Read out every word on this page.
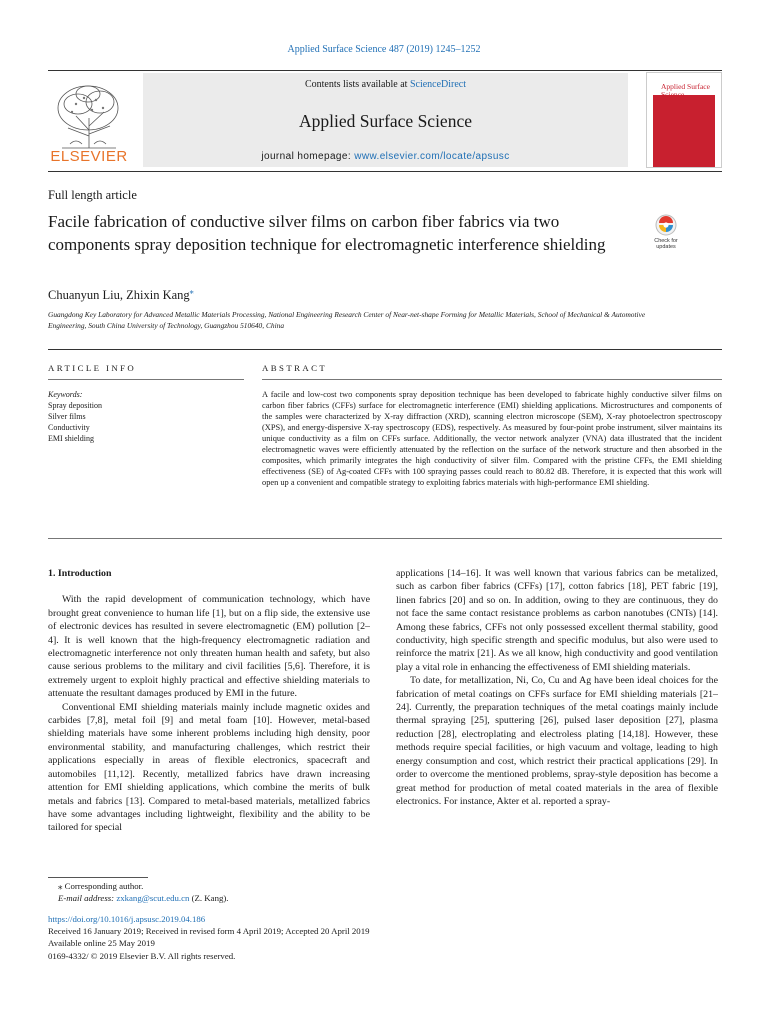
Applied Surface Science 487 (2019) 1245–1252
ELSEVIER
Contents lists available at ScienceDirect
Applied Surface Science
journal homepage: www.elsevier.com/locate/apsusc
Applied Surface Science
Full length article
Facile fabrication of conductive silver films on carbon fiber fabrics via two components spray deposition technique for electromagnetic interference shielding	Check for updates
Chuanyun Liu, Zhixin Kang⁎
Guangdong Key Laboratory for Advanced Metallic Materials Processing, National Engineering Research Center of Near-net-shape Forming for Metallic Materials, School of Mechanical & Automotive Engineering, South China University of Technology, Guangzhou 510640, China
ARTICLE INFO	ABSTRACT
Keywords:
Spray deposition
Silver films
Conductivity
EMI shielding
A facile and low-cost two components spray deposition technique has been developed to fabricate highly conductive silver films on carbon fiber fabrics (CFFs) surface for electromagnetic interference (EMI) shielding applications. Microstructures and components of the samples were characterized by X-ray diffraction (XRD), scanning electron microscope (SEM), X-ray photoelectron spectroscopy (XPS), and energy-dispersive X-ray spectroscopy (EDS), respectively. As measured by four-point probe instrument, silver maintains its unique conductivity as a film on CFFs surface. Additionally, the vector network analyzer (VNA) data illustrated that the incident electromagnetic waves were efficiently attenuated by the reflection on the surface of the network structure and then absorbed in the composites, which primarily integrates the high conductivity of silver film. Compared with the pristine CFFs, the EMI shielding effectiveness (SE) of Ag-coated CFFs with 100 spraying passes could reach to 80.82 dB. Therefore, it is expected that this work will open up a convenient and compatible strategy to exploiting fabrics materials with high-performance EMI shielding.
1. Introduction

With the rapid development of communication technology, which have brought great convenience to human life [1], but on a flip side, the extensive use of electronic devices has resulted in severe electromagnetic (EM) pollution [2–4]. It is well known that the high-frequency electromagnetic radiation and electromagnetic interference not only threaten human health and safety, but also cause serious problems to the military and civil facilities [5,6]. Therefore, it is extremely urgent to exploit highly practical and effective shielding materials to attenuate the resultant damages produced by EMI in the future.

Conventional EMI shielding materials mainly include magnetic oxides and carbides [7,8], metal foil [9] and metal foam [10]. However, metal-based shielding materials have some inherent problems including high density, poor environmental stability, and manufacturing challenges, which restrict their applications especially in areas of flexible electronics, spacecraft and automobiles [11,12]. Recently, metallized fabrics have drawn increasing attention for EMI shielding applications, which combine the merits of bulk metals and fabrics [13]. Compared to metal-based materials, metallized fabrics have some advantages including lightweight, flexibility and the ability to be tailored for special

applications [14–16]. It was well known that various fabrics can be metalized, such as carbon fiber fabrics (CFFs) [17], cotton fabrics [18], PET fabric [19], linen fabrics [20] and so on. In addition, owing to they are continuous, they do not face the same contact resistance problems as carbon nanotubes (CNTs) [14]. Among these fabrics, CFFs not only possessed excellent thermal stability, good conductivity, high specific strength and specific modulus, but also were used to reinforce the matrix [21]. As we all know, high conductivity and good ventilation play a vital role in enhancing the effectiveness of EMI shielding materials.

To date, for metallization, Ni, Co, Cu and Ag have been ideal choices for the fabrication of metal coatings on CFFs surface for EMI shielding materials [21–24]. Currently, the preparation techniques of the metal coatings mainly include thermal spraying [25], sputtering [26], pulsed laser deposition [27], plasma reduction [28], electroplating and electroless plating [14,18]. However, these methods require special facilities, or high vacuum and voltage, leading to high energy consumption and cost, which restrict their practical applications [29]. In order to overcome the mentioned problems, spray-style deposition has become a great method for production of metal coated materials in the area of flexible electronics. For instance, Akter et al. reported a spray-

⁎ Corresponding author.
E-mail address: zxkang@scut.edu.cn (Z. Kang).
https://doi.org/10.1016/j.apsusc.2019.04.186
Received 16 January 2019; Received in revised form 4 April 2019; Accepted 20 April 2019
Available online 25 May 2019
0169-4332/ © 2019 Elsevier B.V. All rights reserved.
